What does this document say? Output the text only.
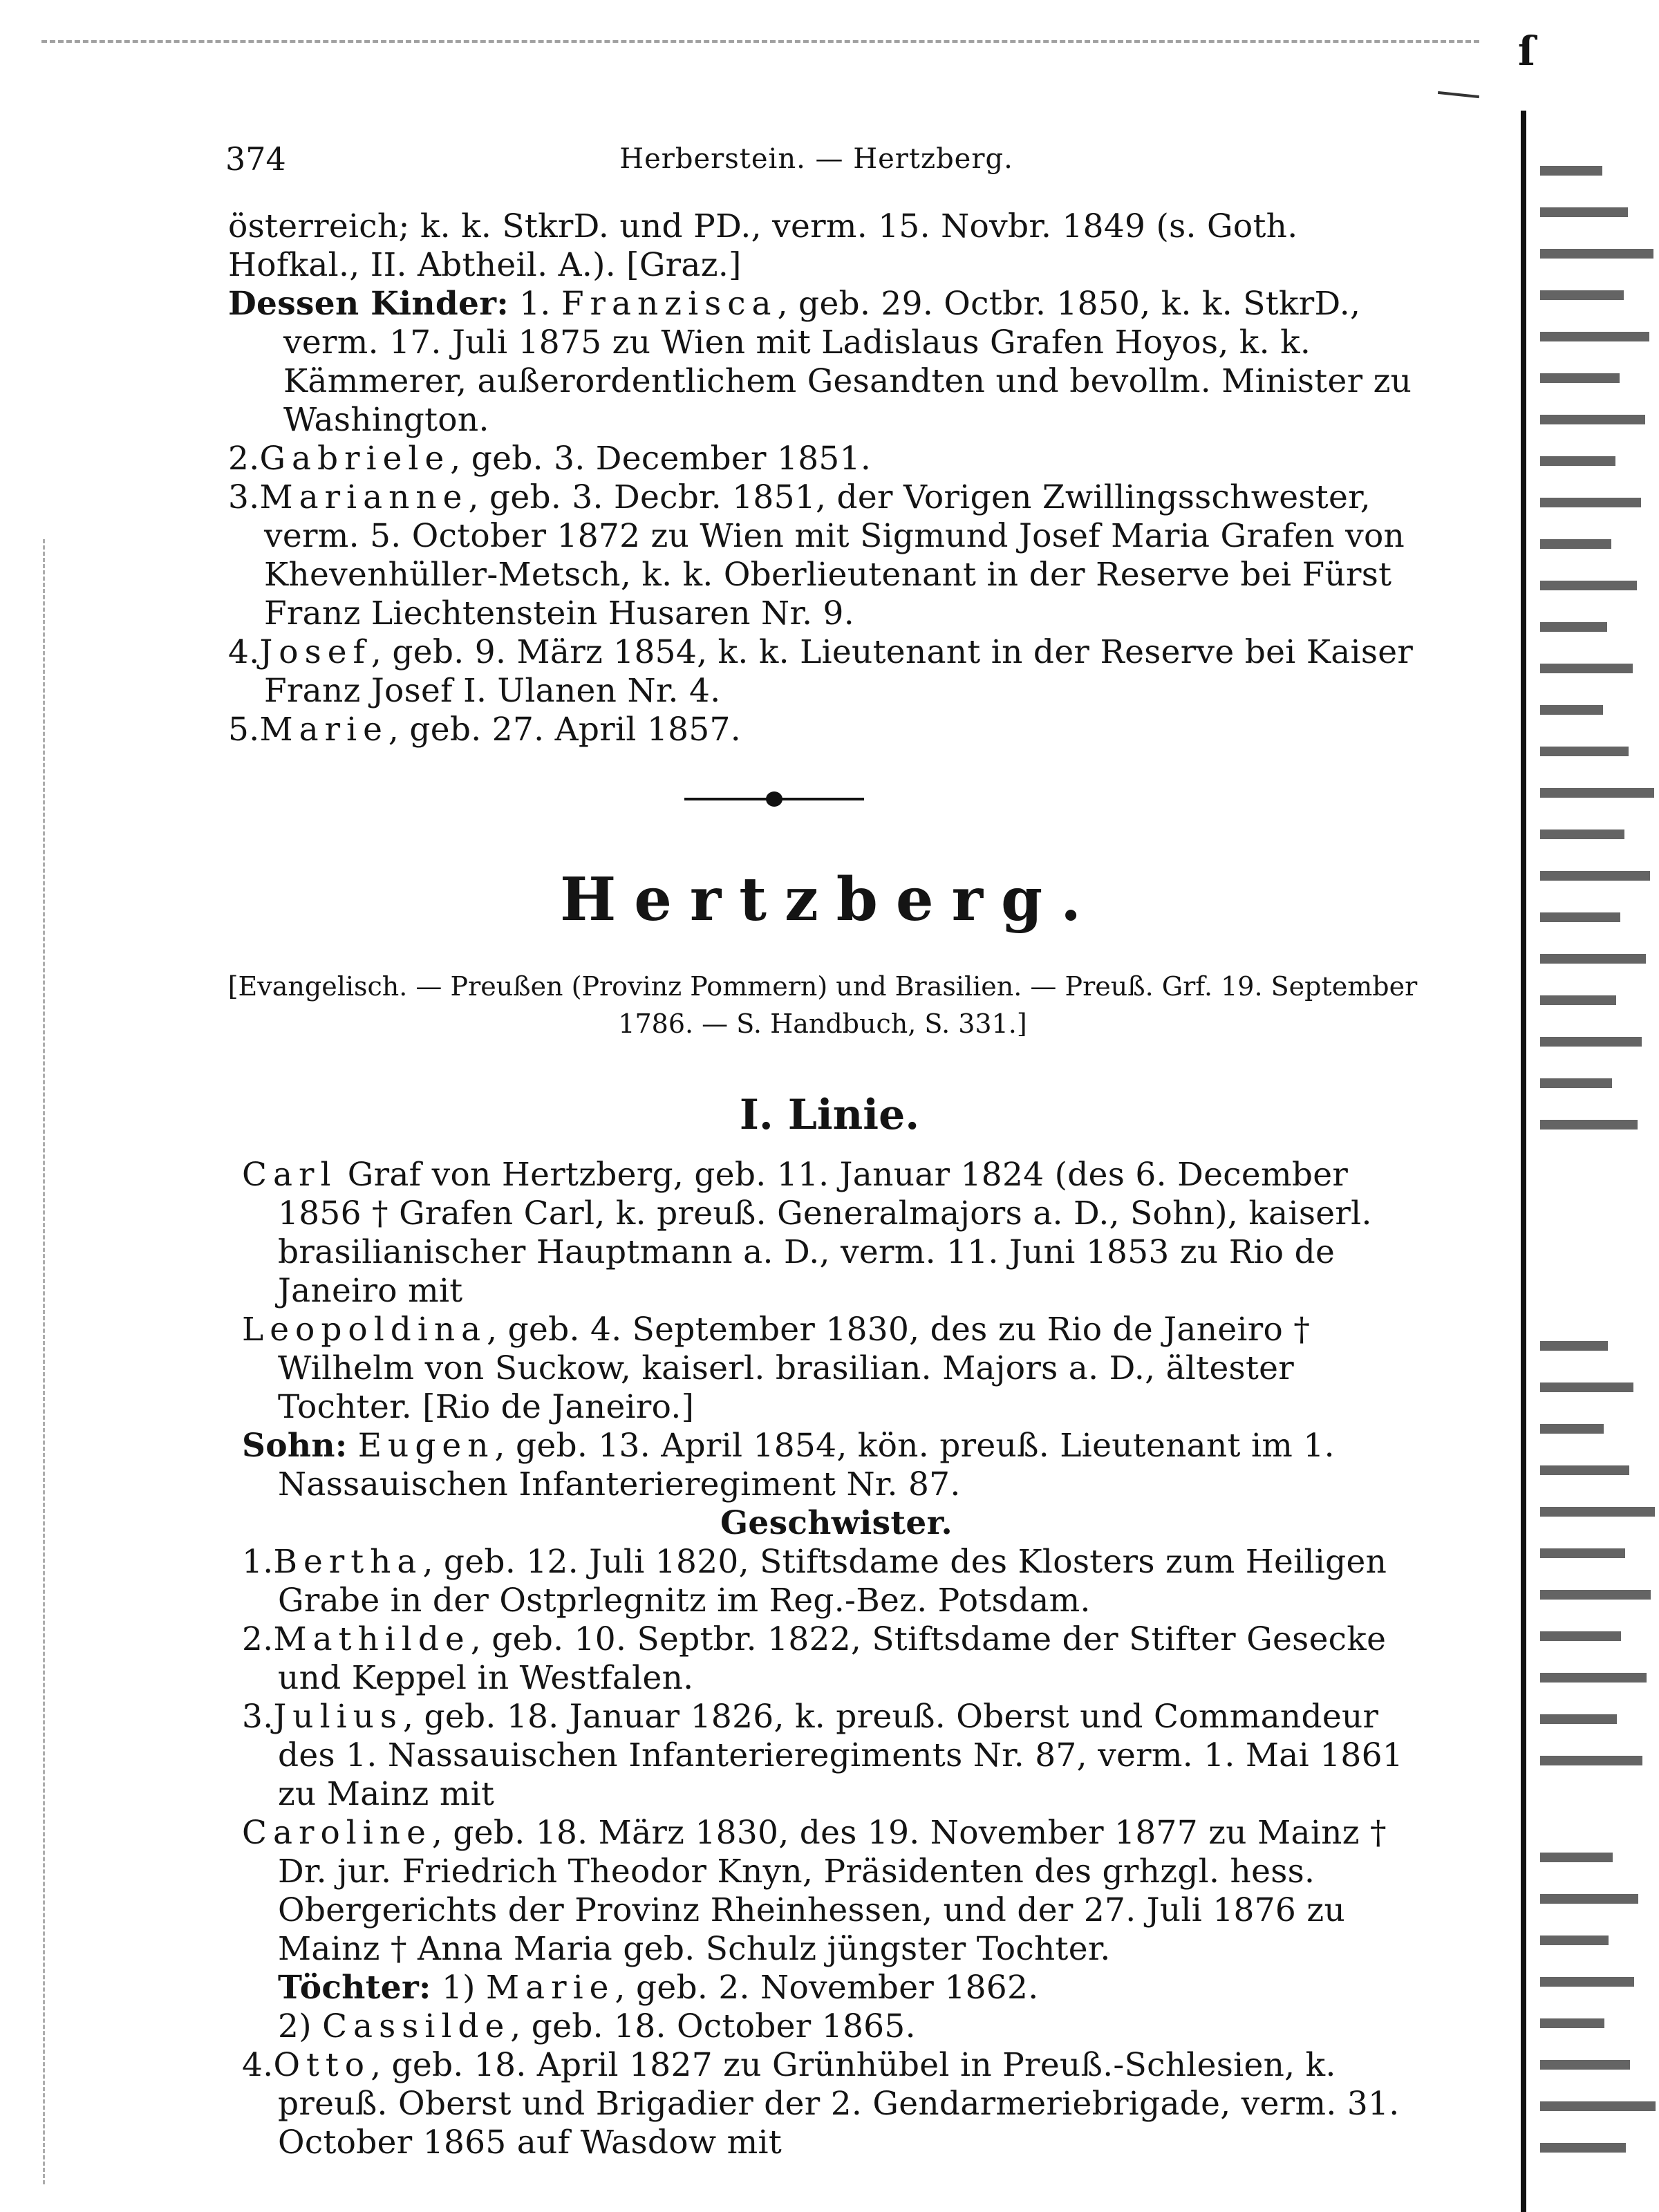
ſ
374	Herberstein. — Hertzberg.

österreich; k. k. StkrD. und PD., verm. 15. Novbr. 1849 (s. Goth.

Hofkal., II. Abtheil. A.). [Graz.]

Dessen Kinder: 1. Franzisca, geb. 29. Octbr. 1850, k. k. StkrD., verm. 17. Juli 1875 zu Wien mit Ladislaus Grafen Hoyos, k. k. Kämmerer, außerordentlichem Gesandten und bevollm. Minister zu Washington.

2.Gabriele, geb. 3. December 1851.

3.Marianne, geb. 3. Decbr. 1851, der Vorigen Zwillingsschwester, verm. 5. October 1872 zu Wien mit Sigmund Josef Maria Grafen von Khevenhüller-Metsch, k. k. Oberlieutenant in der Reserve bei Fürst Franz Liechtenstein Husaren Nr. 9.

4.Josef, geb. 9. März 1854, k. k. Lieutenant in der Reserve bei Kaiser Franz Josef I. Ulanen Nr. 4.

5.Marie, geb. 27. April 1857.

Hertzberg.
[Evangelisch. — Preußen (Provinz Pommern) und Brasilien. — Preuß. Grf. 19. September 1786. — S. Handbuch, S. 331.]
I. Linie.

Carl Graf von Hertzberg, geb. 11. Januar 1824 (des 6. December 1856 † Grafen Carl, k. preuß. Generalmajors a. D., Sohn), kaiserl. brasilianischer Hauptmann a. D., verm. 11. Juni 1853 zu Rio de Janeiro mit

Leopoldina, geb. 4. September 1830, des zu Rio de Janeiro † Wilhelm von Suckow, kaiserl. brasilian. Majors a. D., ältester Tochter. [Rio de Janeiro.]

Sohn: Eugen, geb. 13. April 1854, kön. preuß. Lieutenant im 1. Nassauischen Infanterieregiment Nr. 87.

Geschwister.

1.Bertha, geb. 12. Juli 1820, Stiftsdame des Klosters zum Heiligen Grabe in der Ostprlegnitz im Reg.-Bez. Potsdam.

2.Mathilde, geb. 10. Septbr. 1822, Stiftsdame der Stifter Gesecke und Keppel in Westfalen.

3.Julius, geb. 18. Januar 1826, k. preuß. Oberst und Commandeur des 1. Nassauischen Infanterieregiments Nr. 87, verm. 1. Mai 1861 zu Mainz mit

Caroline, geb. 18. März 1830, des 19. November 1877 zu Mainz † Dr. jur. Friedrich Theodor Knyn, Präsidenten des grhzgl. hess. Obergerichts der Provinz Rheinhessen, und der 27. Juli 1876 zu Mainz † Anna Maria geb. Schulz jüngster Tochter.

Töchter: 1) Marie, geb. 2. November 1862.

2) Cassilde, geb. 18. October 1865.

4.Otto, geb. 18. April 1827 zu Grünhübel in Preuß.-Schlesien, k. preuß. Oberst und Brigadier der 2. Gendarmeriebrigade, verm. 31. October 1865 auf Wasdow mit
